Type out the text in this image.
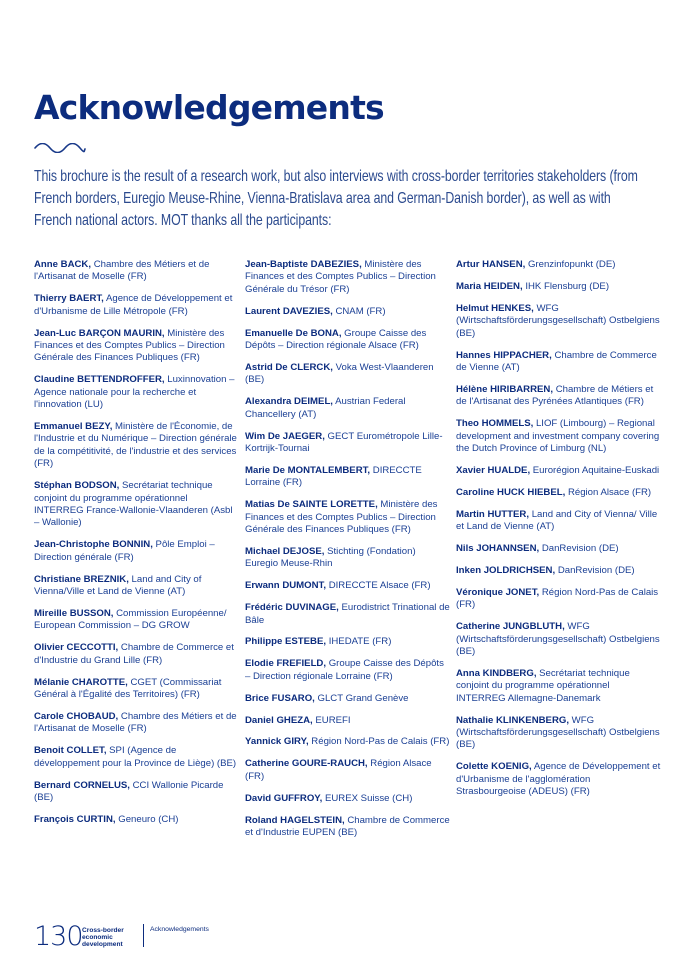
Acknowledgements

This brochure is the result of a research work, but also interviews with cross-border territories stakeholders (from French borders, Euregio Meuse-Rhine, Vienna-Bratislava area and German-Danish border), as well as with French national actors. MOT thanks all the participants:

Anne BACK, Chambre des Métiers et de l'Artisanat de Moselle (FR)
Thierry BAERT, Agence de Développement et d'Urbanisme de Lille Métropole (FR)
Jean-Luc BARÇON MAURIN, Ministère des Finances et des Comptes Publics – Direction Générale des Finances Publiques (FR)
Claudine BETTENDROFFER, Luxinnovation – Agence nationale pour la recherche et l'innovation (LU)
Emmanuel BEZY, Ministère de l'Économie, de l'Industrie et du Numérique – Direction générale de la compétitivité, de l'industrie et des services (FR)
Stéphan BODSON, Secrétariat technique conjoint du programme opérationnel INTERREG France-Wallonie-Vlaanderen (Asbl – Wallonie)
Jean-Christophe BONNIN, Pôle Emploi – Direction générale (FR)
Christiane BREZNIK, Land and City of Vienna/Ville et Land de Vienne (AT)
Mireille BUSSON, Commission Européenne/ European Commission – DG GROW
Olivier CECCOTTI, Chambre de Commerce et d'Industrie du Grand Lille (FR)
Mélanie CHAROTTE, CGET (Commissariat Général à l'Égalité des Territoires) (FR)
Carole CHOBAUD, Chambre des Métiers et de l'Artisanat de Moselle (FR)
Benoit COLLET, SPI (Agence de développement pour la Province de Liège) (BE)
Bernard CORNELUS, CCI Wallonie Picarde (BE)
François CURTIN, Geneuro (CH)
Jean-Baptiste DABEZIES, Ministère des Finances et des Comptes Publics – Direction Générale du Trésor (FR)
Laurent DAVEZIES, CNAM (FR)
Emanuelle De BONA, Groupe Caisse des Dépôts – Direction régionale Alsace (FR)
Astrid De CLERCK, Voka West-Vlaanderen (BE)
Alexandra DEIMEL, Austrian Federal Chancellery (AT)
Wim De JAEGER, GECT Eurométropole Lille-Kortrijk-Tournai
Marie De MONTALEMBERT, DIRECCTE Lorraine (FR)
Matias De SAINTE LORETTE, Ministère des Finances et des Comptes Publics – Direction Générale des Finances Publiques (FR)
Michael DEJOSE, Stichting (Fondation) Euregio Meuse-Rhin
Erwann DUMONT, DIRECCTE Alsace (FR)
Frédéric DUVINAGE, Eurodistrict Trinational de Bâle
Philippe ESTEBE, IHEDATE (FR)
Elodie FREFIELD, Groupe Caisse des Dépôts – Direction régionale Lorraine (FR)
Brice FUSARO, GLCT Grand Genève
Daniel GHEZA, EUREFI
Yannick GIRY, Région Nord-Pas de Calais (FR)
Catherine GOURE-RAUCH, Région Alsace (FR)
David GUFFROY, EUREX Suisse (CH)
Roland HAGELSTEIN, Chambre de Commerce et d'Industrie EUPEN (BE)
Artur HANSEN, Grenzinfopunkt (DE)
Maria HEIDEN, IHK Flensburg (DE)
Helmut HENKES, WFG (Wirtschaftsförderungsgesellschaft) Ostbelgiens (BE)
Hannes HIPPACHER, Chambre de Commerce de Vienne (AT)
Hélène HIRIBARREN, Chambre de Métiers et de l'Artisanat des Pyrénées Atlantiques (FR)
Theo HOMMELS, LIOF (Limbourg) – Regional development and investment company covering the Dutch Province of Limburg (NL)
Xavier HUALDE, Eurorégion Aquitaine-Euskadi
Caroline HUCK HIEBEL, Région Alsace (FR)
Martin HUTTER, Land and City of Vienna/ Ville et Land de Vienne (AT)
Nils JOHANNSEN, DanRevision (DE)
Inken JOLDRICHSEN, DanRevision (DE)
Véronique JONET, Région Nord-Pas de Calais (FR)
Catherine JUNGBLUTH, WFG (Wirtschaftsförderungsgesellschaft) Ostbelgiens (BE)
Anna KINDBERG, Secrétariat technique conjoint du programme opérationnel INTERREG Allemagne-Danemark
Nathalie KLINKENBERG, WFG (Wirtschaftsförderungsgesellschaft) Ostbelgiens (BE)
Colette KOENIG, Agence de Développement et d'Urbanisme de l'agglomération Strasbourgeoise (ADEUS) (FR)
130 Cross-border economic development
Acknowledgements
